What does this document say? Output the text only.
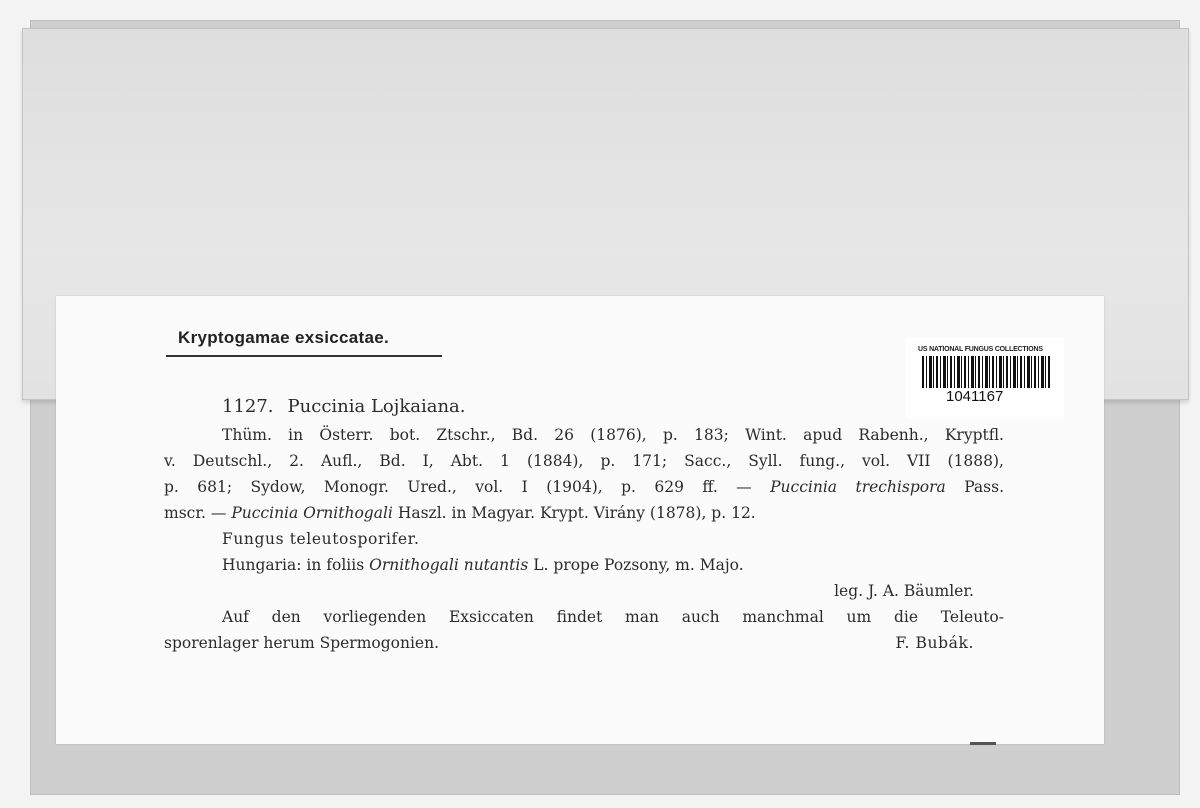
Kryptogamae exsiccatae.
US NATIONAL FUNGUS COLLECTIONS
1041167
1127. Puccinia Lojkaiana.
Thüm. in Österr. bot. Ztschr., Bd. 26 (1876), p. 183; Wint. apud Rabenh., Kryptfl.
v. Deutschl., 2. Aufl., Bd. I, Abt. 1 (1884), p. 171; Sacc., Syll. fung., vol. VII (1888),
p. 681; Sydow, Monogr. Ured., vol. I (1904), p. 629 ff. — Puccinia trechispora Pass.
mscr. — Puccinia Ornithogali Haszl. in Magyar. Krypt. Virány (1878), p. 12.
Fungus teleutosporifer.
Hungaria: in foliis Ornithogali nutantis L. prope Pozsony, m. Majo.
leg. J. A. Bäumler.
Auf den vorliegenden Exsiccaten findet man auch manchmal um die Teleuto-
sporenlager herum Spermogonien.	F. Bubák.
